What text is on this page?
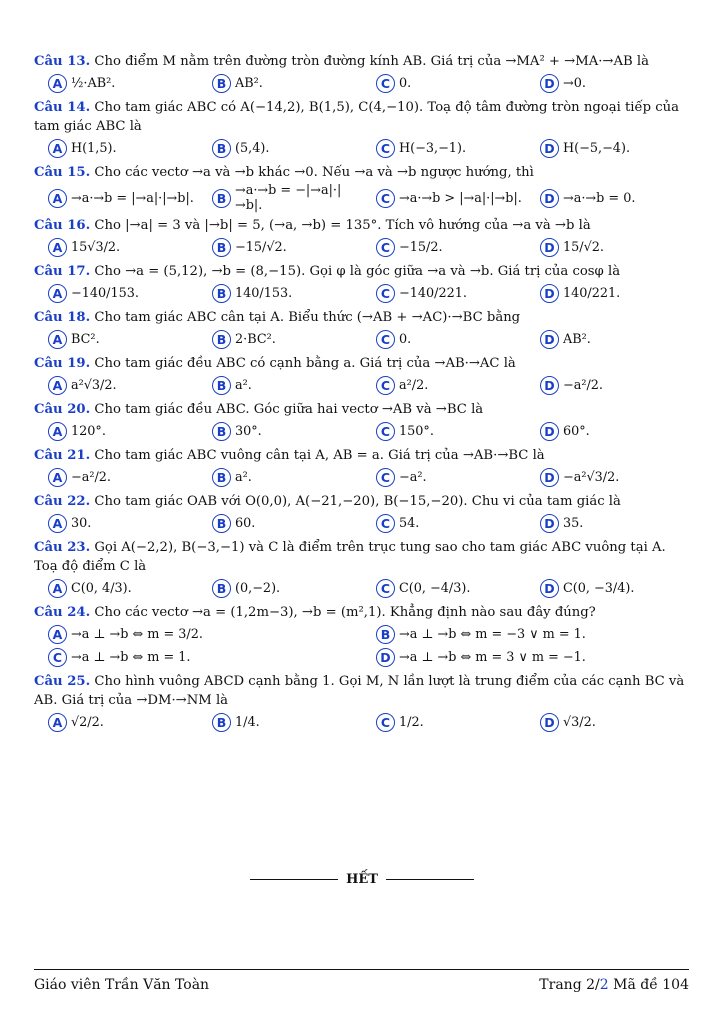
Câu 13. Cho điểm M nằm trên đường tròn đường kính AB. Giá trị của →MA² + →MA·→AB là
A ½·AB².	B AB².	C 0.	D →0.
Câu 14. Cho tam giác ABC có A(−14,2), B(1,5), C(4,−10). Toạ độ tâm đường tròn ngoại tiếp của tam giác ABC là
A H(1,5).	B (5,4).	C H(−3,−1).	D H(−5,−4).
Câu 15. Cho các vectơ →a và →b khác →0. Nếu →a và →b ngược hướng, thì
A →a·→b = |→a|·|→b|.	B →a·→b = −|→a|·|→b|.	C →a·→b > |→a|·|→b|.	D →a·→b = 0.
Câu 16. Cho |→a| = 3 và |→b| = 5, (→a, →b) = 135°. Tích vô hướng của →a và →b là
A 15√3/2.	B −15/√2.	C −15/2.	D 15/√2.
Câu 17. Cho →a = (5,12), →b = (8,−15). Gọi φ là góc giữa →a và →b. Giá trị của cosφ là
A −140/153.	B 140/153.	C −140/221.	D 140/221.
Câu 18. Cho tam giác ABC cân tại A. Biểu thức (→AB + →AC)·→BC bằng
A BC².	B 2·BC².	C 0.	D AB².
Câu 19. Cho tam giác đều ABC có cạnh bằng a. Giá trị của →AB·→AC là
A a²√3/2.	B a².	C a²/2.	D −a²/2.
Câu 20. Cho tam giác đều ABC. Góc giữa hai vectơ →AB và →BC là
A 120°.	B 30°.	C 150°.	D 60°.
Câu 21. Cho tam giác ABC vuông cân tại A, AB = a. Giá trị của →AB·→BC là
A −a²/2.	B a².	C −a².	D −a²√3/2.
Câu 22. Cho tam giác OAB với O(0,0), A(−21,−20), B(−15,−20). Chu vi của tam giác là
A 30.	B 60.	C 54.	D 35.
Câu 23. Gọi A(−2,2), B(−3,−1) và C là điểm trên trục tung sao cho tam giác ABC vuông tại A. Toạ độ điểm C là
A C(0, 4/3).	B (0,−2).	C C(0, −4/3).	D C(0, −3/4).
Câu 24. Cho các vectơ →a = (1,2m−3), →b = (m²,1). Khẳng định nào sau đây đúng?
A →a ⊥ →b ⇔ m = 3/2.	B →a ⊥ →b ⇔ m = −3 ∨ m = 1.
C →a ⊥ →b ⇔ m = 1.	D →a ⊥ →b ⇔ m = 3 ∨ m = −1.
Câu 25. Cho hình vuông ABCD cạnh bằng 1. Gọi M, N lần lượt là trung điểm của các cạnh BC và AB. Giá trị của →DM·→NM là
A √2/2.	B 1/4.	C 1/2.	D √3/2.
HẾT
Giáo viên Trần Văn Toàn	Trang 2/2 Mã đề 104
